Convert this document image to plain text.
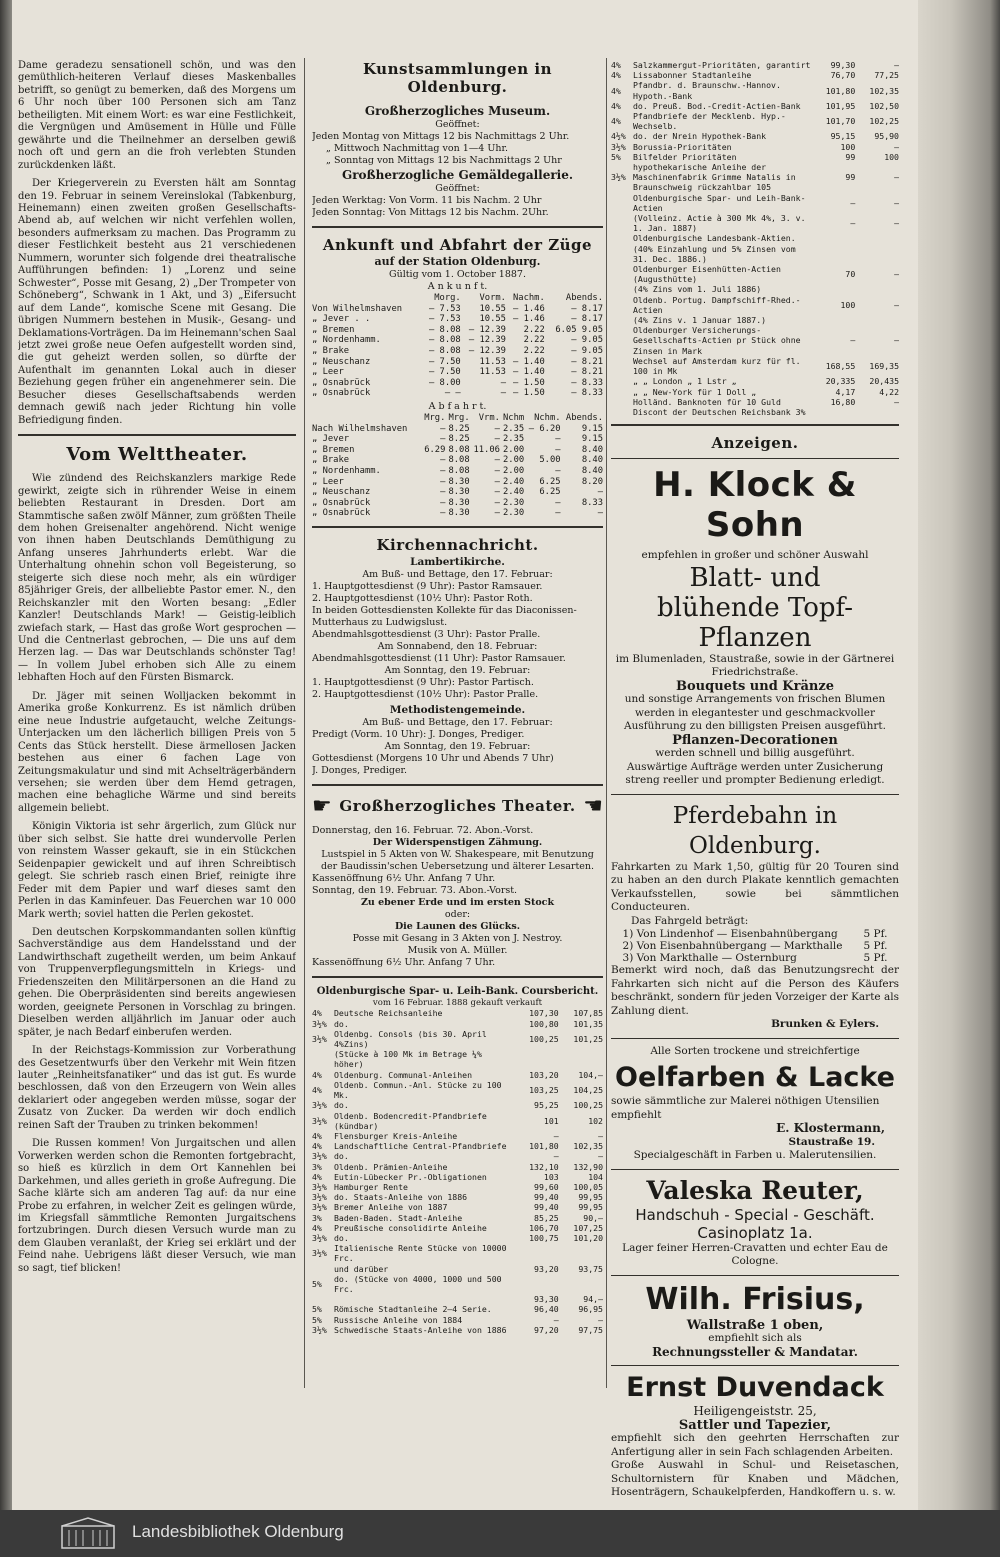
Dame geradezu sensationell schön, und was den gemüthlich-heiteren Verlauf dieses Maskenballes betrifft, so genügt zu bemerken, daß des Morgens um 6 Uhr noch über 100 Personen sich am Tanz betheiligten. Mit einem Wort: es war eine Festlichkeit, die Vergnügen und Amüsement in Hülle und Fülle gewährte und die Theilnehmer an derselben gewiß noch oft und gern an die froh verlebten Stunden zurückdenken läßt.

Der Kriegerverein zu Eversten hält am Sonntag den 19. Februar in seinem Vereinslokal (Tabkenburg, Heinemann) einen zweiten großen Gesellschafts-Abend ab, auf welchen wir nicht verfehlen wollen, besonders aufmerksam zu machen. Das Programm zu dieser Festlichkeit besteht aus 21 verschiedenen Nummern, worunter sich folgende drei theatralische Aufführungen befinden: 1) „Lorenz und seine Schwester“, Posse mit Gesang, 2) „Der Trompeter von Schöneberg“, Schwank in 1 Akt, und 3) „Eifersucht auf dem Lande“, komische Scene mit Gesang. Die übrigen Nummern bestehen in Musik-, Gesang- und Deklamations-Vorträgen. Da im Heinemann'schen Saal jetzt zwei große neue Oefen aufgestellt worden sind, die gut geheizt werden sollen, so dürfte der Aufenthalt im genannten Lokal auch in dieser Beziehung gegen früher ein angenehmerer sein. Die Besucher dieses Gesellschaftsabends werden demnach gewiß nach jeder Richtung hin volle Befriedigung finden.

Vom Welttheater.

Wie zündend des Reichskanzlers markige Rede gewirkt, zeigte sich in rührender Weise in einem beliebten Restaurant in Dresden. Dort am Stammtische saßen zwölf Männer, zum größten Theile dem hohen Greisenalter angehörend. Nicht wenige von ihnen haben Deutschlands Demüthigung zu Anfang unseres Jahrhunderts erlebt. War die Unterhaltung ohnehin schon voll Begeisterung, so steigerte sich diese noch mehr, als ein würdiger 85jähriger Greis, der allbeliebte Pastor emer. N., den Reichskanzler mit den Worten besang: „Edler Kanzler! Deutschlands Mark! — Geistig-leiblich zwiefach stark, — Hast das große Wort gesprochen — Und die Centnerlast gebrochen, — Die uns auf dem Herzen lag. — Das war Deutschlands schönster Tag! — In vollem Jubel erhoben sich Alle zu einem lebhaften Hoch auf den Fürsten Bismarck.

Dr. Jäger mit seinen Wolljacken bekommt in Amerika große Konkurrenz. Es ist nämlich drüben eine neue Industrie aufgetaucht, welche Zeitungs-Unterjacken um den lächerlich billigen Preis von 5 Cents das Stück herstellt. Diese ärmellosen Jacken bestehen aus einer 6 fachen Lage von Zeitungsmakulatur und sind mit Achselträgerbändern versehen; sie werden über dem Hemd getragen, machen eine behagliche Wärme und sind bereits allgemein beliebt.

Königin Viktoria ist sehr ärgerlich, zum Glück nur über sich selbst. Sie hatte drei wundervolle Perlen von reinstem Wasser gekauft, sie in ein Stückchen Seidenpapier gewickelt und auf ihren Schreibtisch gelegt. Sie schrieb rasch einen Brief, reinigte ihre Feder mit dem Papier und warf dieses samt den Perlen in das Kaminfeuer. Das Feuerchen war 10 000 Mark werth; soviel hatten die Perlen gekostet.

Den deutschen Korpskommandanten sollen künftig Sachverständige aus dem Handelsstand und der Landwirthschaft zugetheilt werden, um beim Ankauf von Truppenverpflegungsmitteln in Kriegs- und Friedenszeiten den Militärpersonen an die Hand zu gehen. Die Oberpräsidenten sind bereits angewiesen worden, geeignete Personen in Vorschlag zu bringen. Dieselben werden alljährlich im Januar oder auch später, je nach Bedarf einberufen werden.

In der Reichstags-Kommission zur Vorberathung des Gesetzentwurfs über den Verkehr mit Wein fitzen lauter „Reinheitsfanatiker“ und das ist gut. Es wurde beschlossen, daß von den Erzeugern von Wein alles deklariert oder angegeben werden müsse, sogar der Zusatz von Zucker. Da werden wir doch endlich reinen Saft der Trauben zu trinken bekommen!

Die Russen kommen! Von Jurgaitschen und allen Vorwerken werden schon die Remonten fortgebracht, so hieß es kürzlich in dem Ort Kannehlen bei Darkehmen, und alles gerieth in große Aufregung. Die Sache klärte sich am anderen Tag auf: da nur eine Probe zu erfahren, in welcher Zeit es gelingen würde, im Kriegsfall sämmtliche Remonten Jurgaitschens fortzubringen. Durch diesen Versuch wurde man zu dem Glauben veranlaßt, der Krieg sei erklärt und der Feind nahe. Uebrigens läßt dieser Versuch, wie man so sagt, tief blicken!

Kunstsammlungen in Oldenburg.
Großherzogliches Museum.
Geöffnet:
Jeden Montag von Mittags 12 bis Nachmittags 2 Uhr.
„ Mittwoch Nachmittag von 1—4 Uhr.
„ Sonntag von Mittags 12 bis Nachmittags 2 Uhr
Großherzogliche Gemäldegallerie.
Geöffnet:
Jeden Werktag: Von Vorm. 11 bis Nachm. 2 Uhr
Jeden Sonntag: Von Mittags 12 bis Nachm. 2Uhr.
Ankunft und Abfahrt der Züge
auf der Station Oldenburg.
Gültig vom 1. October 1887.
A n k u n f t.
	Morg.	Vorm.	Nachm.	Abends.
Von Wilhelmshaven	— 7.53	10.55	— 1.46	— 8.17
„ Jever . .	— 7.53	10.55	— 1.46	— 8.17
„ Bremen	— 8.08	— 12.39	2.22	6.05 9.05
„ Nordenhamm.	— 8.08	— 12.39	2.22	— 9.05
„ Brake	— 8.08	— 12.39	2.22	— 9.05
„ Neuschanz	— 7.50	11.53	— 1.40	— 8.21
„ Leer	— 7.50	11.53	— 1.40	— 8.21
„ Osnabrück	— 8.00	—	— 1.50	— 8.33
„ Osnabrück	— —	—	— 1.50	— 8.33
A b f a h r t.
	Mrg.	Mrg.	Vrm.	Nchm	Nchm.	Abends.
Nach Wilhelmshaven	—	8.25	—	2.35	— 6.20	9.15
„ Jever	—	8.25	—	2.35	—	9.15
„ Bremen	6.29	8.08	11.06	2.00	—	8.40
„ Brake	—	8.08	—	2.00	5.00	8.40
„ Nordenhamm.	—	8.08	—	2.00	—	8.40
„ Leer	—	8.30	—	2.40	6.25	8.20
„ Neuschanz	—	8.30	—	2.40	6.25	—
„ Osnabrück	—	8.30	—	2.30	—	8.33
„ Osnabrück	—	8.30	—	2.30	—	—
Kirchennachricht.
Lambertikirche.
Am Buß- und Bettage, den 17. Februar:
1. Hauptgottesdienst (9 Uhr): Pastor Ramsauer.
2. Hauptgottesdienst (10½ Uhr): Pastor Roth.
In beiden Gottesdiensten Kollekte für das Diaconissen-Mutterhaus zu Ludwigslust.
Abendmahlsgottesdienst (3 Uhr): Pastor Pralle.
Am Sonnabend, den 18. Februar:
Abendmahlsgottesdienst (11 Uhr): Pastor Ramsauer.
Am Sonntag, den 19. Februar:
1. Hauptgottesdienst (9 Uhr): Pastor Partisch.
2. Hauptgottesdienst (10½ Uhr): Pastor Pralle.
Methodistengemeinde.
Am Buß- und Bettage, den 17. Februar:
Predigt (Vorm. 10 Uhr): J. Donges, Prediger.
Am Sonntag, den 19. Februar:
Gottesdienst (Morgens 10 Uhr und Abends 7 Uhr)
J. Donges, Prediger.
☛ Großherzogliches Theater. ☚
Donnerstag, den 16. Februar. 72. Abon.-Vorst.
Der Widerspenstigen Zähmung.
Lustspiel in 5 Akten von W. Shakespeare, mit Benutzung der Baudissin'schen Uebersetzung und älterer Lesarten.
Kassenöffnung 6½ Uhr. Anfang 7 Uhr.
Sonntag, den 19. Februar. 73. Abon.-Vorst.
Zu ebener Erde und im ersten Stock
oder:
Die Launen des Glücks.
Posse mit Gesang in 3 Akten von J. Nestroy.
Musik von A. Müller.
Kassenöffnung 6½ Uhr. Anfang 7 Uhr.
Oldenburgische Spar- u. Leih-Bank. Coursbericht.
vom 16 Februar. 1888 gekauft verkauft
4%	Deutsche Reichsanleihe	107,30	107,85
3½%	do.	100,80	101,35
3½%	Oldenbg. Consols (bis 30. April 4%Zins)	100,25	101,25
	(Stücke à 100 Mk im Betrage ¼% höher)		
4%	Oldenburg. Communal-Anleihen	103,20	104,—
4%	Oldenb. Commun.-Anl. Stücke zu 100 Mk.	103,25	104,25
3½%	do.	95,25	100,25
3½%	Oldenb. Bodencredit-Pfandbriefe (kündbar)	101	102
4%	Flensburger Kreis-Anleihe	—	—
4%	Landschaftliche Central-Pfandbriefe	101,80	102,35
3½%	do.	—	—
3%	Oldenb. Prämien-Anleihe	132,10	132,90
4%	Eutin-Lübecker Pr.-Obligationen	103	104
3½%	Hamburger Rente	99,60	100,05
3½%	do. Staats-Anleihe von 1886	99,40	99,95
3½%	Bremer Anleihe von 1887	99,40	99,95
3%	Baden-Baden. Stadt-Anleihe	85,25	90,—
4%	Preußische consolidirte Anleihe	106,70	107,25
3½%	do.	100,75	101,20
3½%	Italienische Rente Stücke von 10000 Frc.		
	und darüber	93,20	93,75
5%	do. (Stücke von 4000, 1000 und 500 Frc.		
		93,30	94,—
5%	Römische Stadtanleihe 2—4 Serie.	96,40	96,95
5%	Russische Anleihe von 1884	—	—
3½%	Schwedische Staats-Anleihe von 1886	97,20	97,75
4%	Salzkammergut-Prioritäten, garantirt	99,30	—
4%	Lissabonner Stadtanleihe	76,70	77,25
4%	Pfandbr. d. Braunschw.-Hannov. Hypoth.-Bank	101,80	102,35
4%	do. Preuß. Bod.-Credit-Actien-Bank	101,95	102,50
4%	Pfandbriefe der Mecklenb. Hyp.-Wechselb.	101,70	102,25
4½%	do. der Nrein Hypothek-Bank	95,15	95,90
3½%	Borussia-Prioritäten	100	—
5%	Bilfelder Prioritäten	99	100
3½%	hypothekarische Anleihe der Maschinenfabrik Grimme Natalis in Braunschweig rückzahlbar 105	99	—
	Oldenburgische Spar- und Leih-Bank-Actien	—	—
	(Volleinz. Actie à 300 Mk 4%, 3. v. 1. Jan. 1887)	—	—
	Oldenburgische Landesbank-Aktien.		
	(40% Einzahlung und 5% Zinsen vom 31. Dec. 1886.)		
	Oldenburger Eisenhütten-Actien (Augusthütte)	70	—
	(4% Zins vom 1. Juli 1886)		
	Oldenb. Portug. Dampfschiff-Rhed.-Actien	100	—
	(4% Zins v. 1 Januar 1887.)		
	Oldenburger Versicherungs-Gesellschafts-Actien pr Stück ohne Zinsen in Mark	—	—
	Wechsel auf Amsterdam kurz für fl. 100 in Mk	168,55	169,35
	„ „ London „ 1 Lstr „	20,335	20,435
	„ „ New-York für 1 Doll „	4,17	4,22
	Holländ. Banknoten für 10 Guld	16,80	—
	Discont der Deutschen Reichsbank 3%		
Anzeigen.
H. Klock & Sohn
empfehlen in großer und schöner Auswahl
Blatt- und
blühende Topf-Pflanzen
im Blumenladen, Staustraße, sowie in der Gärtnerei Friedrichstraße.
Bouquets und Kränze
und sonstige Arrangements von frischen Blumen werden in elegantester und geschmackvoller Ausführung zu den billigsten Preisen ausgeführt.
Pflanzen-Decorationen
werden schnell und billig ausgeführt.
Auswärtige Aufträge werden unter Zusicherung streng reeller und prompter Bedienung erledigt.
Pferdebahn in Oldenburg.
Fahrkarten zu Mark 1,50, gültig für 20 Touren sind zu haben an den durch Plakate kenntlich gemachten Verkaufsstellen, sowie bei sämmtlichen Conducteuren.
Das Fahrgeld beträgt:
1) Von Lindenhof — Eisenbahnübergang	5 Pf.
2) Von Eisenbahnübergang — Markthalle	5 Pf.
3) Von Markthalle — Osternburg	5 Pf.
Bemerkt wird noch, daß das Benutzungsrecht der Fahrkarten sich nicht auf die Person des Käufers beschränkt, sondern für jeden Vorzeiger der Karte als Zahlung dient.
Brunken & Eylers.
Alle Sorten trockene und streichfertige
Oelfarben & Lacke
sowie sämmtliche zur Malerei nöthigen Utensilien empfiehlt
E. Klostermann,
Staustraße 19.
Specialgeschäft in Farben u. Malerutensilien.
Valeska Reuter,
Handschuh - Special - Geschäft.
Casinoplatz 1a.
Lager feiner Herren-Cravatten und echter Eau de Cologne.
Wilh. Frisius,
Wallstraße 1 oben,
empfiehlt sich als
Rechnungssteller & Mandatar.
Ernst Duvendack
Heiligengeiststr. 25,
Sattler und Tapezier,
empfiehlt sich den geehrten Herrschaften zur Anfertigung aller in sein Fach schlagenden Arbeiten.
Große Auswahl in Schul- und Reisetaschen, Schultornistern für Knaben und Mädchen, Hosenträgern, Schaukelpferden, Handkoffern u. s. w.
Landesbibliothek Oldenburg
